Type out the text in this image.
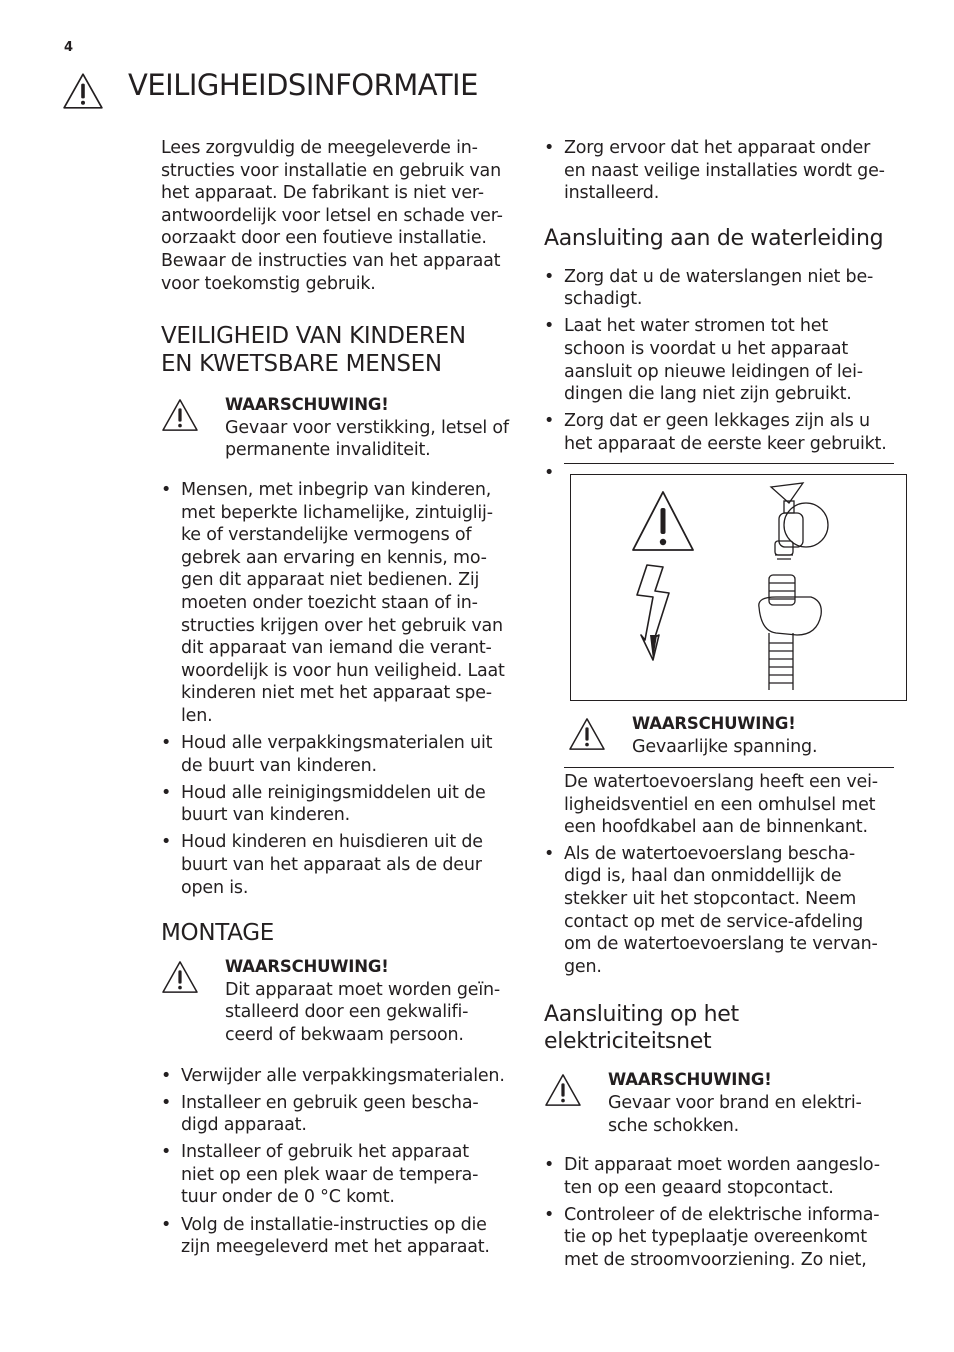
4
VEILIGHEIDSINFORMATIE

Lees zorgvuldig de meegeleverde in-
structies voor installatie en gebruik van
het apparaat. De fabrikant is niet ver-
antwoordelijk voor letsel en schade ver-
oorzaakt door een foutieve installatie.
Bewaar de instructies van het apparaat
voor toekomstig gebruik.

VEILIGHEID VAN KINDEREN
EN KWETSBARE MENSEN
WAARSCHUWING!
Gevaar voor verstikking, letsel of
permanente invaliditeit.
• Mensen, met inbegrip van kinderen,
met beperkte lichamelijke, zintuiglij-
ke of verstandelijke vermogens of
gebrek aan ervaring en kennis, mo-
gen dit apparaat niet bedienen. Zij
moeten onder toezicht staan of in-
structies krijgen over het gebruik van
dit apparaat van iemand die verant-
woordelijk is voor hun veiligheid. Laat
kinderen niet met het apparaat spe-
len.
• Houd alle verpakkingsmaterialen uit
de buurt van kinderen.
• Houd alle reinigingsmiddelen uit de
buurt van kinderen.
• Houd kinderen en huisdieren uit de
buurt van het apparaat als de deur
open is.
MONTAGE
WAARSCHUWING!
Dit apparaat moet worden geïn-
stalleerd door een gekwalifi-
ceerd of bekwaam persoon.
• Verwijder alle verpakkingsmaterialen.
• Installeer en gebruik geen bescha-
digd apparaat.
• Installeer of gebruik het apparaat
niet op een plek waar de tempera-
tuur onder de 0 °C komt.
• Volg de installatie-instructies op die
zijn meegeleverd met het apparaat.
• Zorg ervoor dat het apparaat onder
en naast veilige installaties wordt ge-
installeerd.
Aansluiting aan de waterleiding
• Zorg dat u de waterslangen niet be-
schadigt.
• Laat het water stromen tot het
schoon is voordat u het apparaat
aansluit op nieuwe leidingen of lei-
dingen die lang niet zijn gebruikt.
• Zorg dat er geen lekkages zijn als u
het apparaat de eerste keer gebruikt.
•
WAARSCHUWING!
Gevaarlijke spanning.

De watertoevoerslang heeft een vei-
ligheidsventiel en een omhulsel met
een hoofdkabel aan de binnenkant.

• Als de watertoevoerslang bescha-
digd is, haal dan onmiddellijk de
stekker uit het stopcontact. Neem
contact op met de service-afdeling
om de watertoevoerslang te vervan-
gen.
Aansluiting op het
elektriciteitsnet
WAARSCHUWING!
Gevaar voor brand en elektri-
sche schokken.
• Dit apparaat moet worden aangeslo-
ten op een geaard stopcontact.
• Controleer of de elektrische informa-
tie op het typeplaatje overeenkomt
met de stroomvoorziening. Zo niet,
